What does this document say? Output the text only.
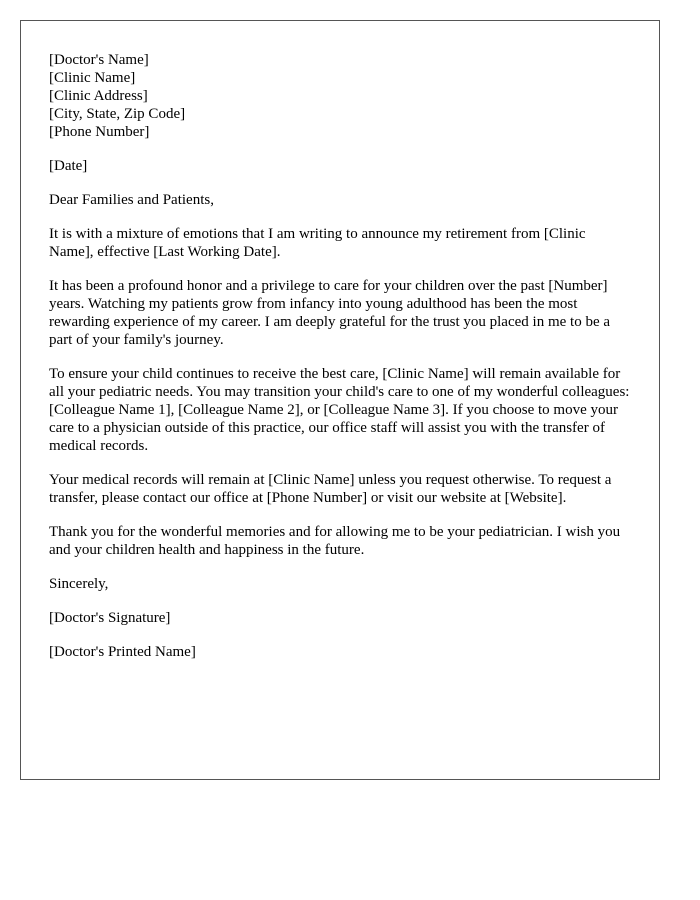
[Doctor's Name]
[Clinic Name]
[Clinic Address]
[City, State, Zip Code]
[Phone Number]

[Date]

Dear Families and Patients,

It is with a mixture of emotions that I am writing to announce my retirement from [Clinic Name], effective [Last Working Date].

It has been a profound honor and a privilege to care for your children over the past [Number] years. Watching my patients grow from infancy into young adulthood has been the most rewarding experience of my career. I am deeply grateful for the trust you placed in me to be a part of your family's journey.

To ensure your child continues to receive the best care, [Clinic Name] will remain available for all your pediatric needs. You may transition your child's care to one of my wonderful colleagues: [Colleague Name 1], [Colleague Name 2], or [Colleague Name 3]. If you choose to move your care to a physician outside of this practice, our office staff will assist you with the transfer of medical records.

Your medical records will remain at [Clinic Name] unless you request otherwise. To request a transfer, please contact our office at [Phone Number] or visit our website at [Website].

Thank you for the wonderful memories and for allowing me to be your pediatrician. I wish you and your children health and happiness in the future.

Sincerely,

[Doctor's Signature]

[Doctor's Printed Name]
